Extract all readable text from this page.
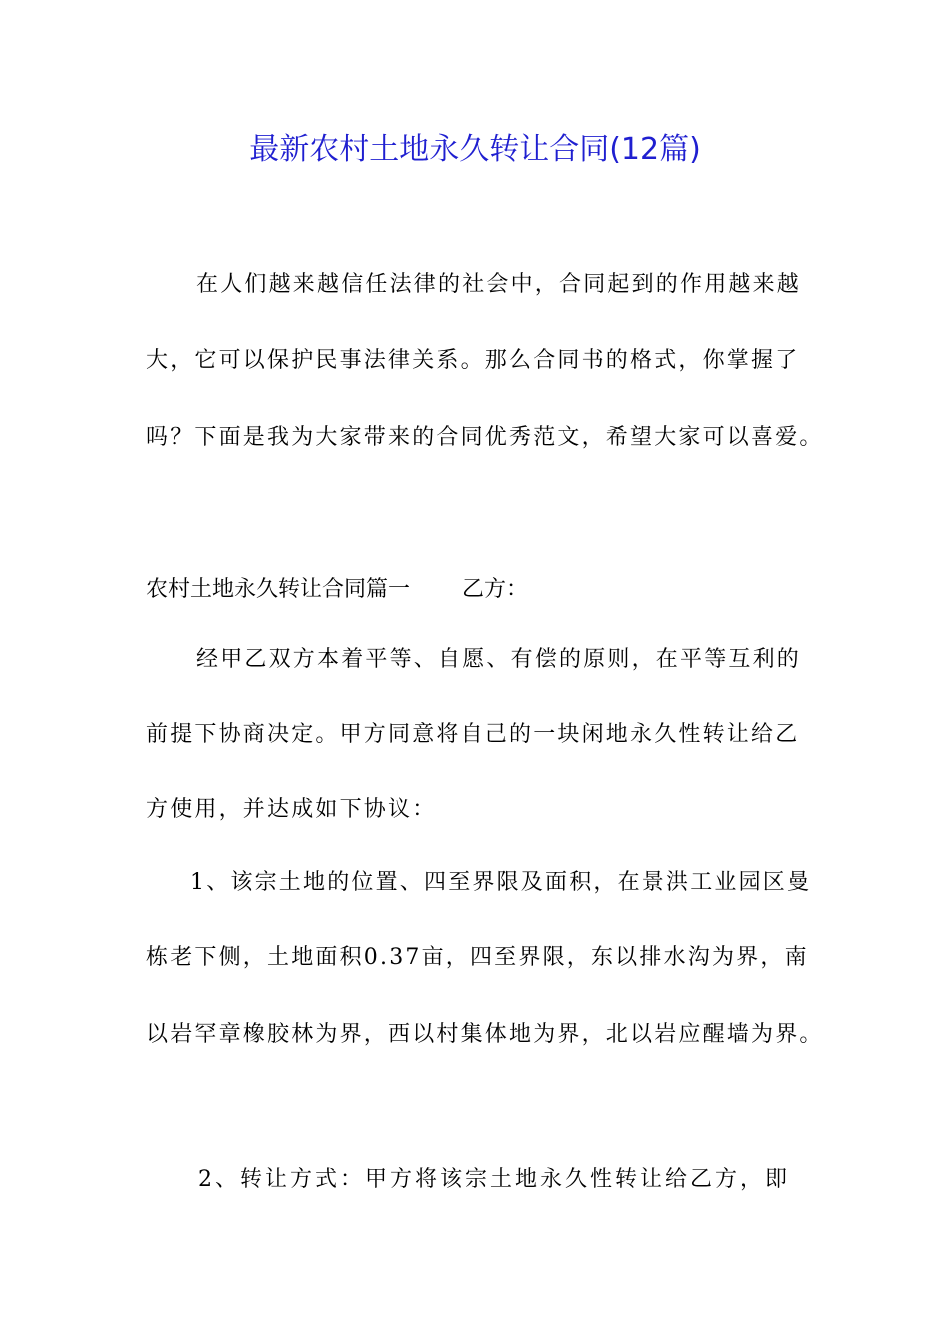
最新农村土地永久转让合同(12篇)
在人们越来越信任法律的社会中，合同起到的作用越来越
大，它可以保护民事法律关系。那么合同书的格式，你掌握了
吗？下面是我为大家带来的合同优秀范文，希望大家可以喜爱。
农村土地永久转让合同篇一 乙方：
经甲乙双方本着平等、自愿、有偿的原则，在平等互利的
前提下协商决定。甲方同意将自己的一块闲地永久性转让给乙
方使用，并达成如下协议：
1、该宗土地的位置、四至界限及面积，在景洪工业园区曼
栋老下侧，土地面积0.37亩，四至界限，东以排水沟为界，南
以岩罕章橡胶林为界，西以村集体地为界，北以岩应醒墙为界。
2、转让方式：甲方将该宗土地永久性转让给乙方，即
